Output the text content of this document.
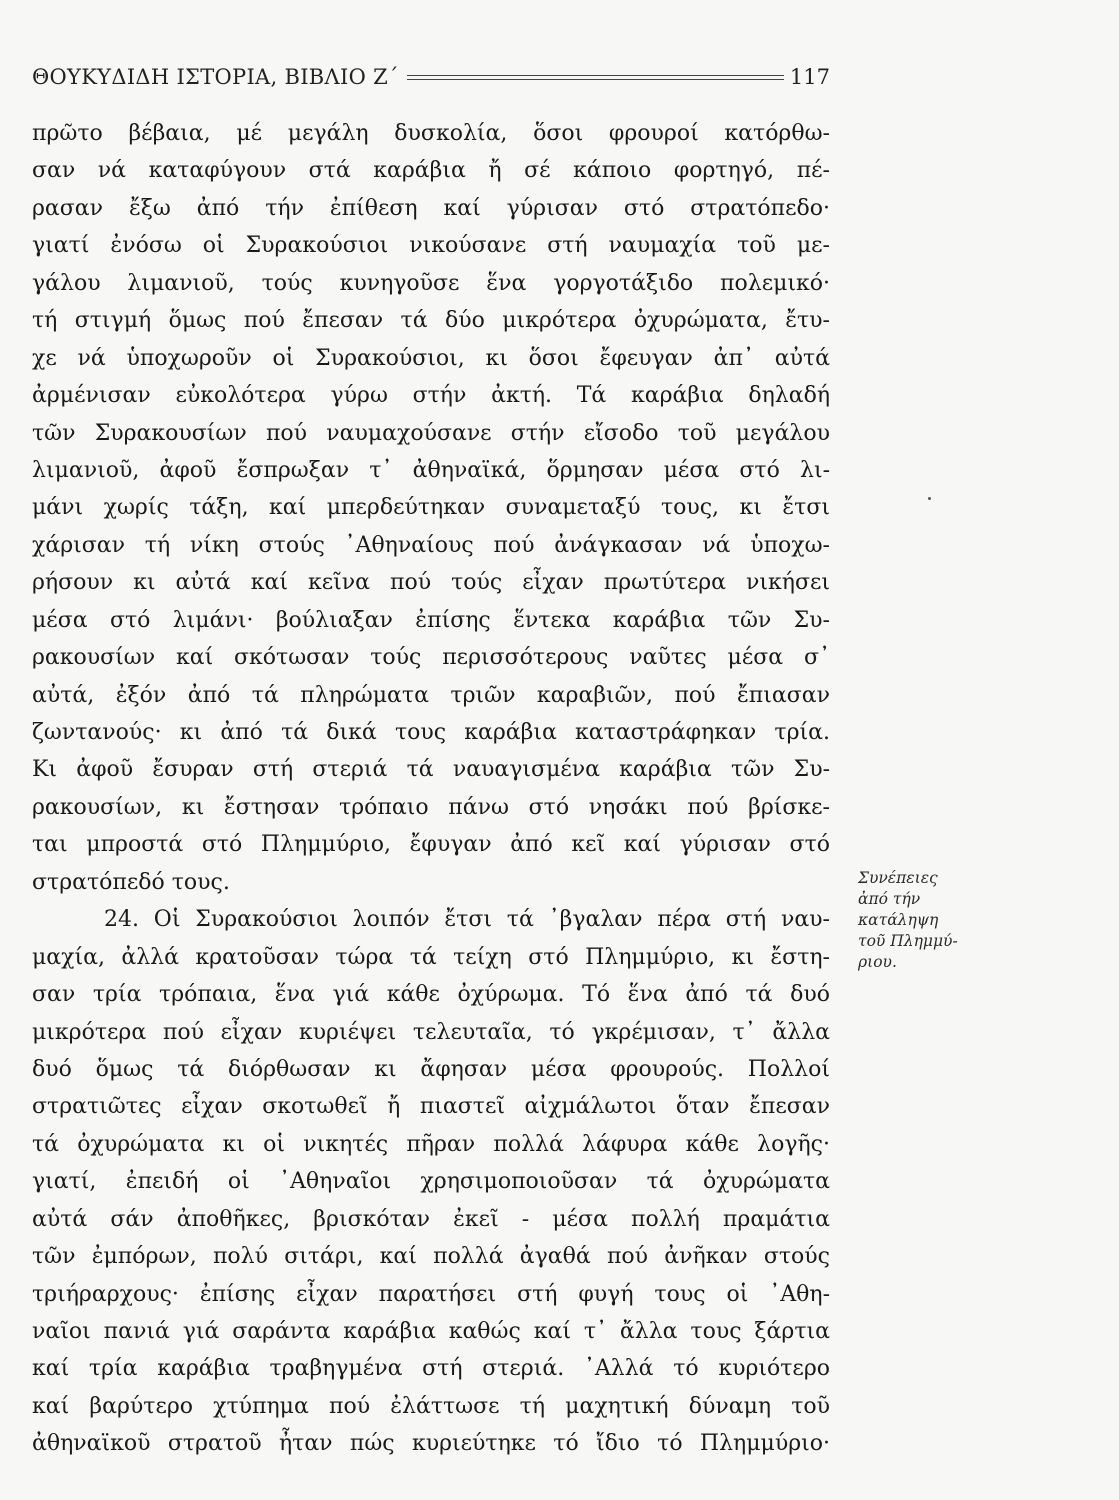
ΘΟΥΚΥΔΙΔΗ ΙΣΤΟΡΙΑ, ΒΙΒΛΙΟ Ζ΄	117
πρῶτο βέβαια, μέ μεγάλη δυσκολία, ὅσοι φρουροί κατόρθω-
σαν νά καταφύγουν στά καράβια ἤ σέ κάποιο φορτηγό, πέ-
ρασαν ἔξω ἀπό τήν ἐπίθεση καί γύρισαν στό στρατόπεδο·
γιατί ἐνόσω οἱ Συρακούσιοι νικούσανε στή ναυμαχία τοῦ με-
γάλου λιμανιοῦ, τούς κυνηγοῦσε ἕνα γοργοτάξιδο πολεμικό·
τή στιγμή ὅμως πού ἔπεσαν τά δύο μικρότερα ὀχυρώματα, ἔτυ-
χε νά ὑποχωροῦν οἱ Συρακούσιοι, κι ὅσοι ἔφευγαν ἀπ᾽ αὐτά
ἀρμένισαν εὐκολότερα γύρω στήν ἀκτή. Τά καράβια δηλαδή
τῶν Συρακουσίων πού ναυμαχούσανε στήν εἴσοδο τοῦ μεγάλου
λιμανιοῦ, ἀφοῦ ἔσπρωξαν τ᾽ ἀθηναϊκά, ὅρμησαν μέσα στό λι-
μάνι χωρίς τάξη, καί μπερδεύτηκαν συναμεταξύ τους, κι ἔτσι
χάρισαν τή νίκη στούς ᾽Αθηναίους πού ἀνάγκασαν νά ὑποχω-
ρήσουν κι αὐτά καί κεῖνα πού τούς εἶχαν πρωτύτερα νικήσει
μέσα στό λιμάνι· βούλιαξαν ἐπίσης ἕντεκα καράβια τῶν Συ-
ρακουσίων καί σκότωσαν τούς περισσότερους ναῦτες μέσα σ᾽
αὐτά, ἐξόν ἀπό τά πληρώματα τριῶν καραβιῶν, πού ἔπιασαν
ζωντανούς· κι ἀπό τά δικά τους καράβια καταστράφηκαν τρία.
Κι ἀφοῦ ἔσυραν στή στεριά τά ναυαγισμένα καράβια τῶν Συ-
ρακουσίων, κι ἔστησαν τρόπαιο πάνω στό νησάκι πού βρίσκε-
ται μπροστά στό Πλημμύριο, ἔφυγαν ἀπό κεῖ καί γύρισαν στό
στρατόπεδό τους.
24. Οἱ Συρακούσιοι λοιπόν ἔτσι τά ᾽βγαλαν πέρα στή ναυ-
μαχία, ἀλλά κρατοῦσαν τώρα τά τείχη στό Πλημμύριο, κι ἔστη-
σαν τρία τρόπαια, ἕνα γιά κάθε ὀχύρωμα. Τό ἕνα ἀπό τά δυό
μικρότερα πού εἶχαν κυριέψει τελευταῖα, τό γκρέμισαν, τ᾽ ἄλλα
δυό ὅμως τά διόρθωσαν κι ἄφησαν μέσα φρουρούς. Πολλοί
στρατιῶτες εἶχαν σκοτωθεῖ ἤ πιαστεῖ αἰχμάλωτοι ὅταν ἔπεσαν
τά ὀχυρώματα κι οἱ νικητές πῆραν πολλά λάφυρα κάθε λογῆς·
γιατί, ἐπειδή οἱ ᾽Αθηναῖοι χρησιμοποιοῦσαν τά ὀχυρώματα
αὐτά σάν ἀποθῆκες, βρισκόταν ἐκεῖ - μέσα πολλή πραμάτια
τῶν ἐμπόρων, πολύ σιτάρι, καί πολλά ἀγαθά πού ἀνῆκαν στούς
τριήραρχους· ἐπίσης εἶχαν παρατήσει στή φυγή τους οἱ ᾽Αθη-
ναῖοι πανιά γιά σαράντα καράβια καθώς καί τ᾽ ἄλλα τους ξάρτια
καί τρία καράβια τραβηγμένα στή στεριά. ᾽Αλλά τό κυριότερο
καί βαρύτερο χτύπημα πού ἐλάττωσε τή μαχητική δύναμη τοῦ
ἀθηναϊκοῦ στρατοῦ ἦταν πώς κυριεύτηκε τό ἴδιο τό Πλημμύριο·
Συνέπειες
ἀπό τήν
κατάληψη
τοῦ Πλημμύ-
ριου.
